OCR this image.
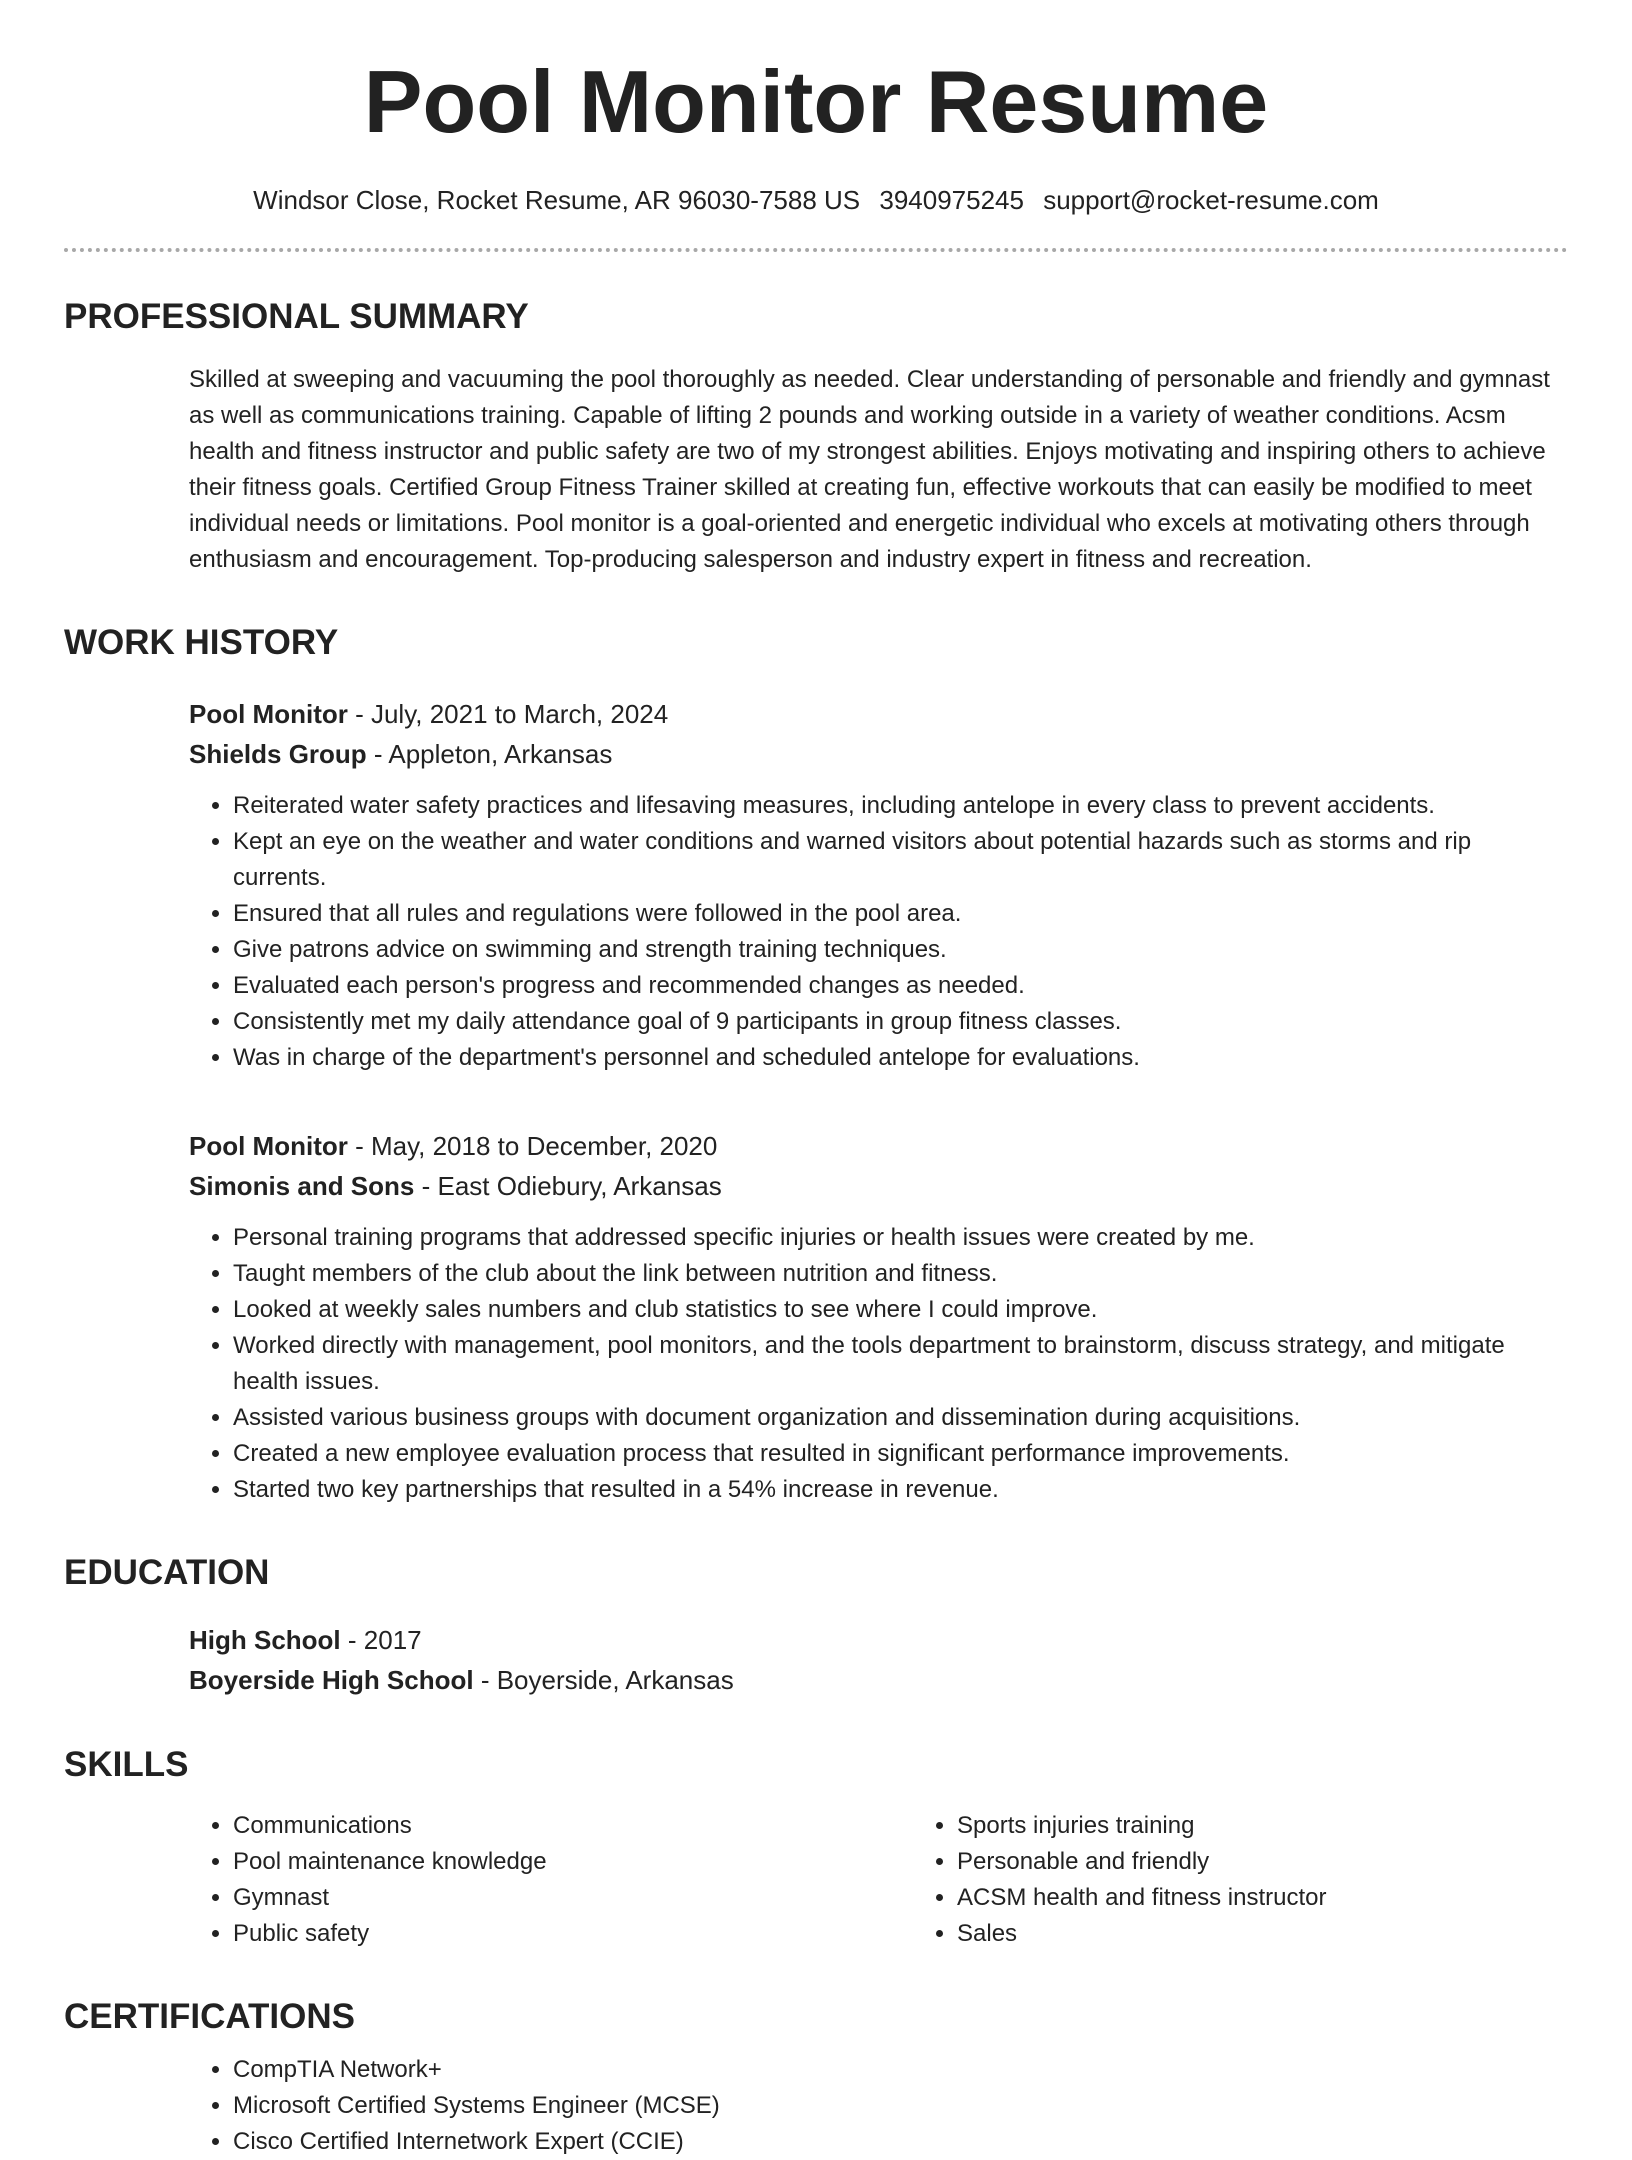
Pool Monitor Resume
Windsor Close, Rocket Resume, AR 96030-7588 US 3940975245 support@rocket-resume.com
PROFESSIONAL SUMMARY
Skilled at sweeping and vacuuming the pool thoroughly as needed. Clear understanding of personable and friendly and gymnast as well as communications training. Capable of lifting 2 pounds and working outside in a variety of weather conditions. Acsm health and fitness instructor and public safety are two of my strongest abilities. Enjoys motivating and inspiring others to achieve their fitness goals. Certified Group Fitness Trainer skilled at creating fun, effective workouts that can easily be modified to meet individual needs or limitations. Pool monitor is a goal-oriented and energetic individual who excels at motivating others through enthusiasm and encouragement. Top-producing salesperson and industry expert in fitness and recreation.
WORK HISTORY
Pool Monitor - July, 2021 to March, 2024
Shields Group - Appleton, Arkansas
• Reiterated water safety practices and lifesaving measures, including antelope in every class to prevent accidents.
• Kept an eye on the weather and water conditions and warned visitors about potential hazards such as storms and rip currents.
• Ensured that all rules and regulations were followed in the pool area.
• Give patrons advice on swimming and strength training techniques.
• Evaluated each person's progress and recommended changes as needed.
• Consistently met my daily attendance goal of 9 participants in group fitness classes.
• Was in charge of the department's personnel and scheduled antelope for evaluations.
Pool Monitor - May, 2018 to December, 2020
Simonis and Sons - East Odiebury, Arkansas
• Personal training programs that addressed specific injuries or health issues were created by me.
• Taught members of the club about the link between nutrition and fitness.
• Looked at weekly sales numbers and club statistics to see where I could improve.
• Worked directly with management, pool monitors, and the tools department to brainstorm, discuss strategy, and mitigate health issues.
• Assisted various business groups with document organization and dissemination during acquisitions.
• Created a new employee evaluation process that resulted in significant performance improvements.
• Started two key partnerships that resulted in a 54% increase in revenue.
EDUCATION
High School - 2017
Boyerside High School - Boyerside, Arkansas
SKILLS
• Communications
• Pool maintenance knowledge
• Gymnast
• Public safety
• Sports injuries training
• Personable and friendly
• ACSM health and fitness instructor
• Sales
CERTIFICATIONS
• CompTIA Network+
• Microsoft Certified Systems Engineer (MCSE)
• Cisco Certified Internetwork Expert (CCIE)
